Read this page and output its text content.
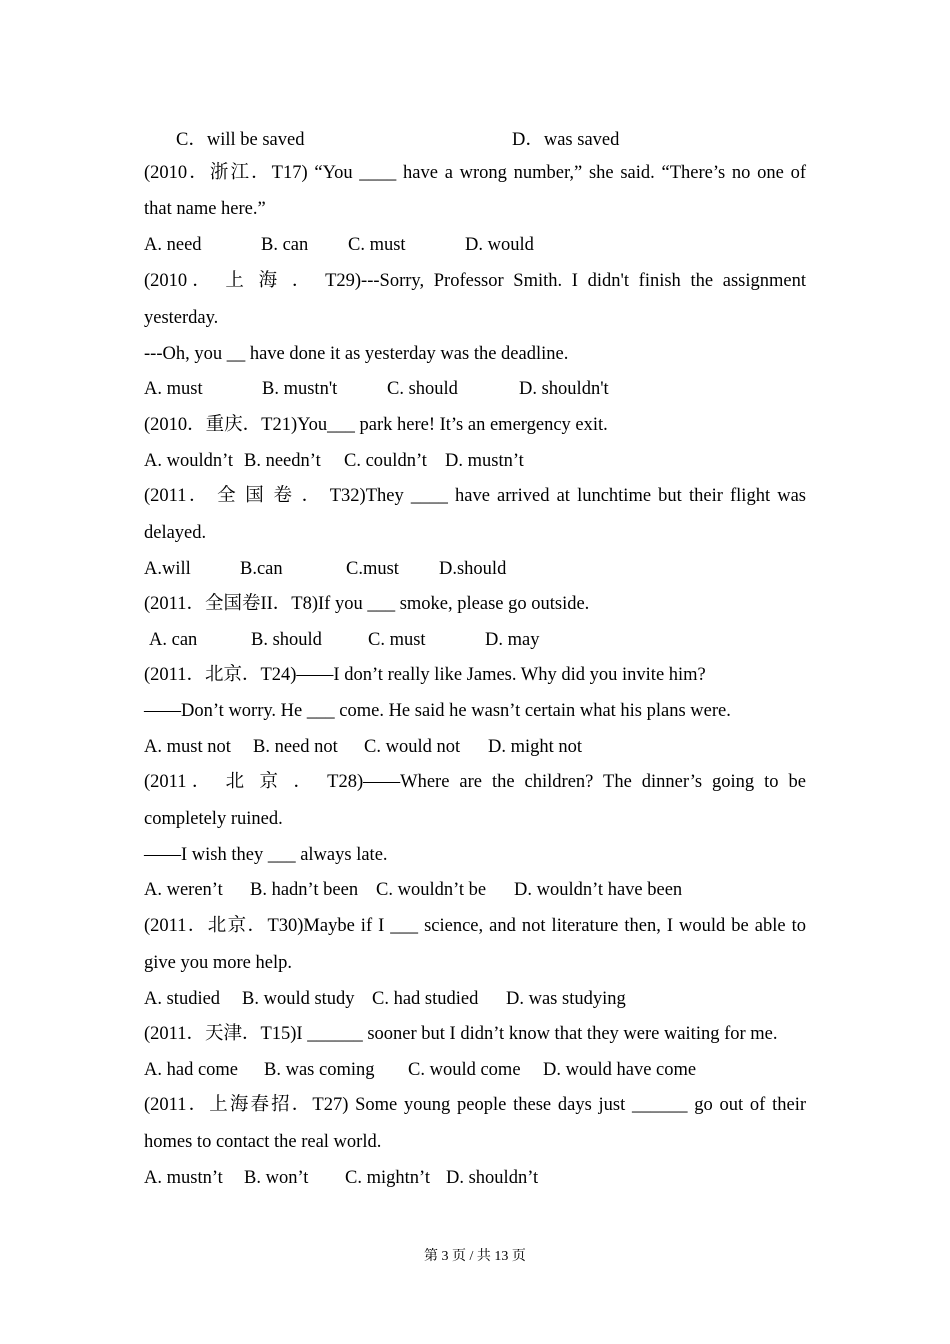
C．will be saved	D．was saved
(2010．浙江．T17) “You ____ have a wrong number,” she said. “There’s no one of
that name here.”
A. need	B. can C. must	D. would
(2010． 上 海 ． T29)---Sorry, Professor Smith. I didn't finish the assignment
yesterday.
---Oh, you __ have done it as yesterday was the deadline.
A. must	B. mustn't	C. should	D. shouldn't
(2010．重庆．T21)You___ park here! It’s an emergency exit.
A. wouldn’t B. needn’t C. couldn’t D. mustn’t
(2011． 全 国 卷 ． T32)They ____ have arrived at lunchtime but their flight was
delayed.
A.will	B.can	C.must D.should
(2011．全国卷II．T8)If you ___ smoke, please go outside.
A. can	B. should C. must	D. may
(2011．北京．T24)——I don’t really like James. Why did you invite him?
——Don’t worry. He ___ come. He said he wasn’t certain what his plans were.
A. must not B. need not C. would not D. might not
(2011． 北 京 ． T28)——Where are the children? The dinner’s going to be
completely ruined.
——I wish they ___ always late.
A. weren’t B. hadn’t been C. wouldn’t be D. wouldn’t have been
(2011．北京．T30)Maybe if I ___ science, and not literature then, I would be able to
give you more help.
A. studied B. would study C. had studied D. was studying
(2011．天津．T15)I ______ sooner but I didn’t know that they were waiting for me.
A. had come B. was coming C. would come D. would have come
(2011．上海春招．T27) Some young people these days just ______ go out of their
homes to contact the real world.
A. mustn’t B. won’t C. mightn’t D. shouldn’t
第 3 页 / 共 13 页
